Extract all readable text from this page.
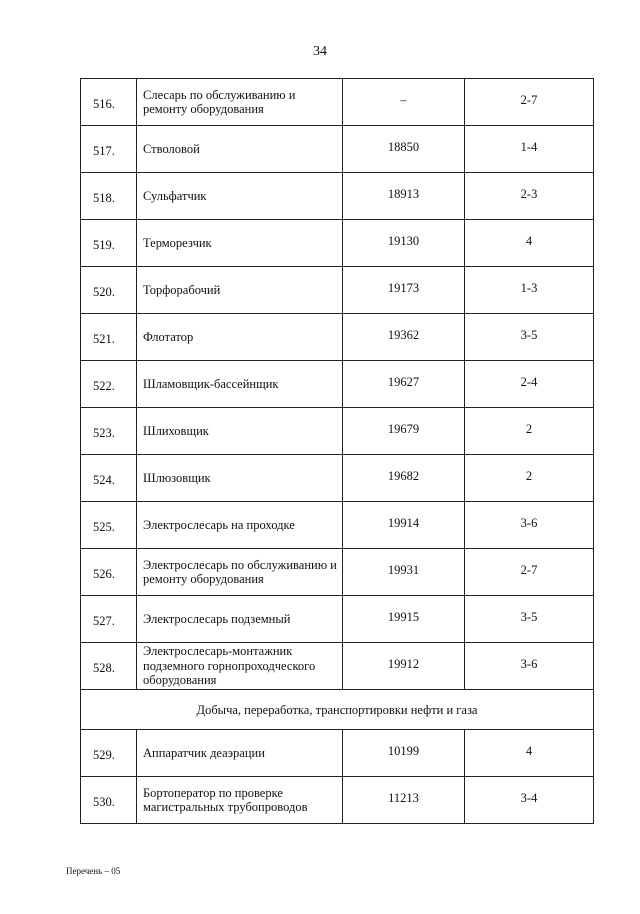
34
516.	Слесарь по обслуживанию и ремонту оборудования	–	2-7
517.	Стволовой	18850	1-4
518.	Сульфатчик	18913	2-3
519.	Терморезчик	19130	4
520.	Торфорабочий	19173	1-3
521.	Флотатор	19362	3-5
522.	Шламовщик-бассейнщик	19627	2-4
523.	Шлиховщик	19679	2
524.	Шлюзовщик	19682	2
525.	Электрослесарь на проходке	19914	3-6
526.	Электрослесарь по обслуживанию и ремонту оборудования	19931	2-7
527.	Электрослесарь подземный	19915	3-5
528.	Электрослесарь-монтажник подземного горнопроходческого оборудования	19912	3-6
Добыча, переработка, транспортировки нефти и газа			
529.	Аппаратчик деаэрации	10199	4
530.	Бортоператор по проверке магистральных трубопроводов	11213	3-4
Перечень – 05
